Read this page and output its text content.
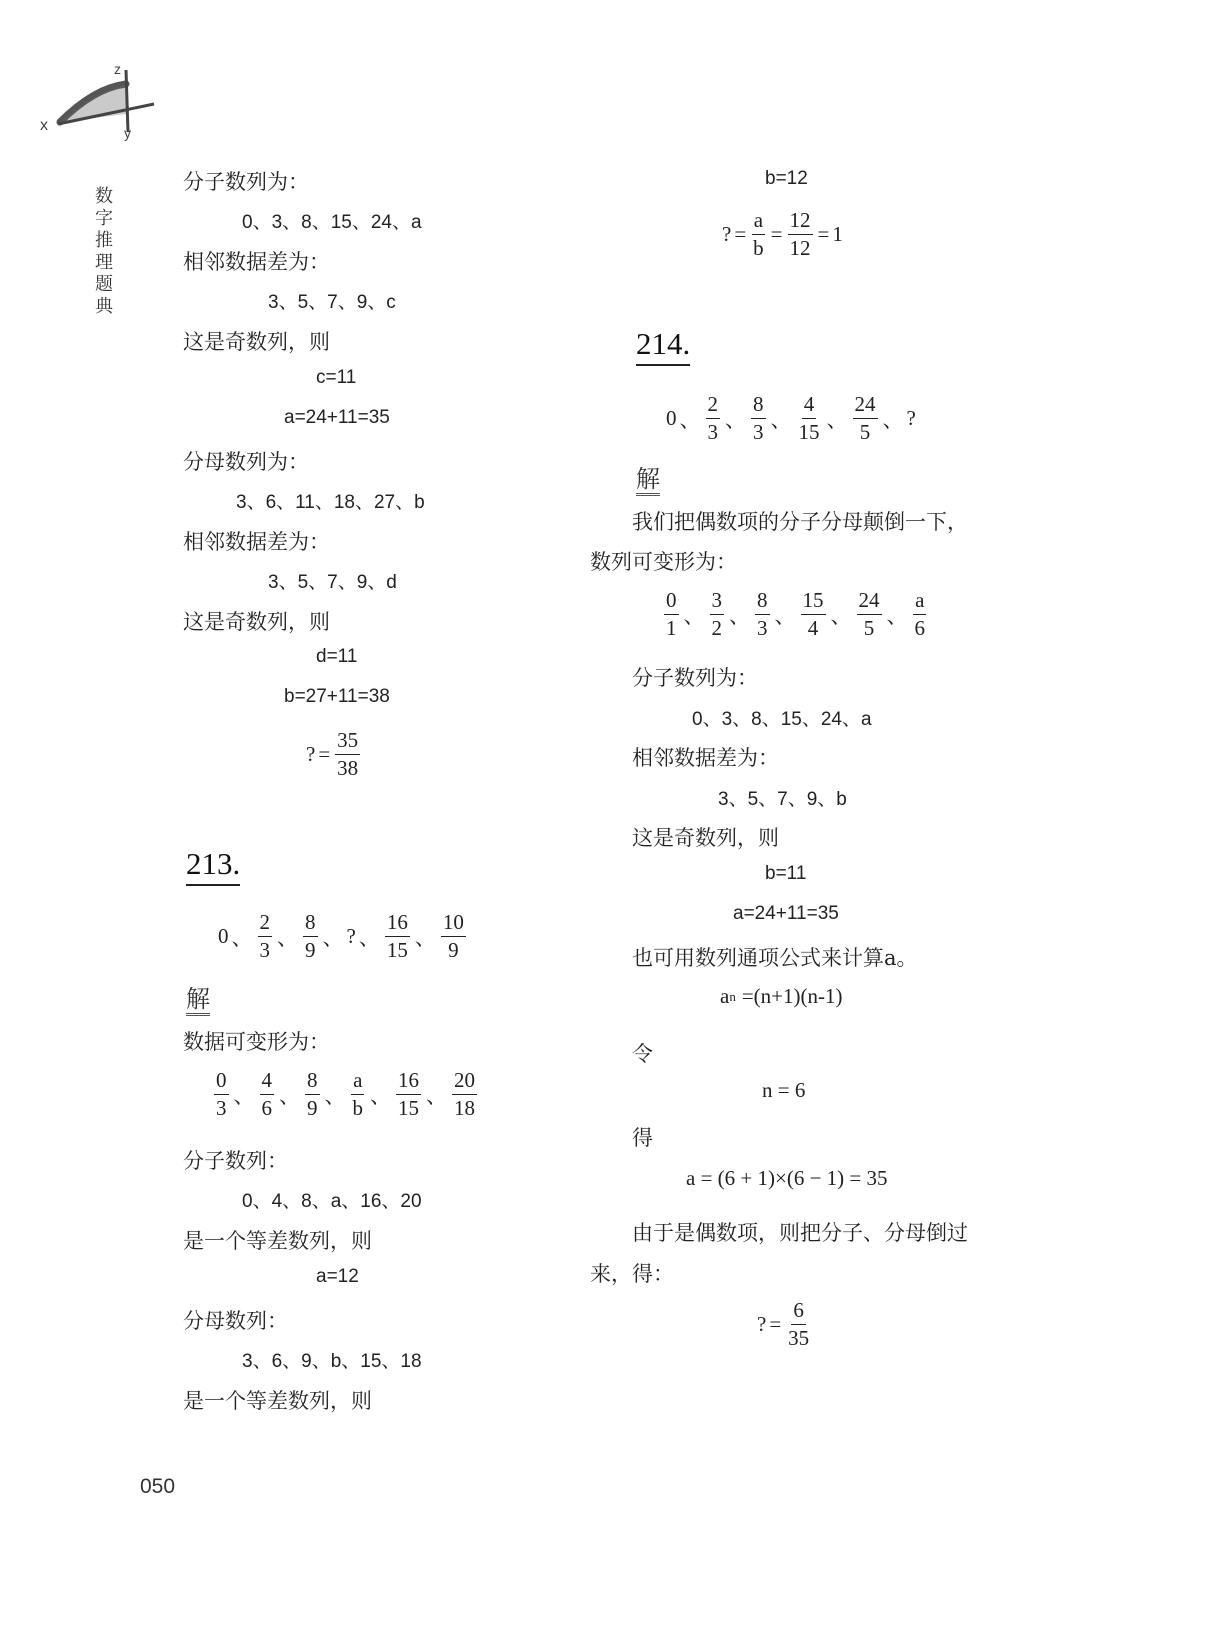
z
x	y
数
字
推
理
题
典
分子数列为：
0、3、8、15、24、a
相邻数据差为：
3、5、7、9、c
这是奇数列，则
c=11
a=24+11=35
分母数列为：
3、6、11、18、27、b
相邻数据差为：
3、5、7、9、d
这是奇数列，则
d=11
b=27+11=38
? = $\frac{35}{38}$
213.
0 、 $\frac{2}{3}$ 、 $\frac{8}{9}$ 、 ? 、 $\frac{16}{15}$ 、 $\frac{10}{9}$
解
数据可变形为：
$\frac{0}{3}$ 、 $\frac{4}{6}$ 、 $\frac{8}{9}$ 、 $\frac{a}{b}$ 、 $\frac{16}{15}$ 、 $\frac{20}{18}$
分子数列：
0、4、8、a、16、20
是一个等差数列，则
a=12
分母数列：
3、6、9、b、15、18
是一个等差数列，则
b=12
? = $\frac{a}{b} = \frac{12}{12} = 1$
214.
0 、 $\frac{2}{3}$ 、 $\frac{8}{3}$ 、 $\frac{4}{15}$ 、 $\frac{24}{5}$ 、 ?
解
我们把偶数项的分子分母颠倒一下，
数列可变形为：
$\frac{0}{1}$ 、 $\frac{3}{2}$ 、 $\frac{8}{3}$ 、 $\frac{15}{4}$ 、 $\frac{24}{5}$ 、 $\frac{a}{6}$
分子数列为：
0、3、8、15、24、a
相邻数据差为：
3、5、7、9、b
这是奇数列，则
b=11
a=24+11=35
也可用数列通项公式来计算a。
a n =(n+1)(n-1)
令
n = 6
得
a = (6 + 1)×(6 − 1) = 35
由于是偶数项，则把分子、分母倒过
来，得：
? = $\frac{6}{35}$
050
